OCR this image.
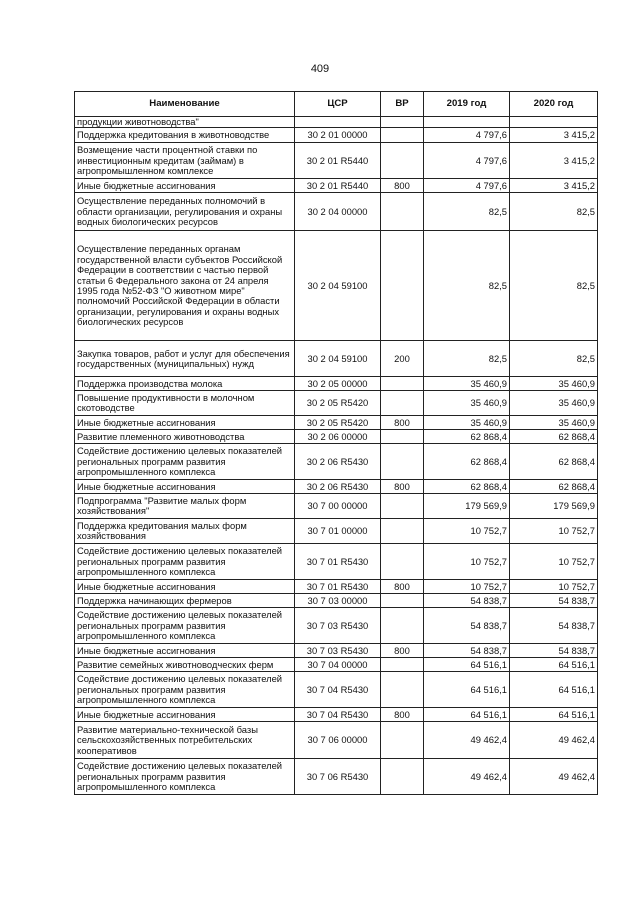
409
Наименование	ЦСР	ВР	2019 год	2020 год
продукции животноводства"				
Поддержка кредитования в животноводстве	30 2 01 00000		4 797,6	3 415,2
Возмещение части процентной ставки по инвестиционным кредитам (займам) в агропромышленном комплексе	30 2 01 R5440		4 797,6	3 415,2
Иные бюджетные ассигнования	30 2 01 R5440	800	4 797,6	3 415,2
Осуществление переданных полномочий в области организации, регулирования и охраны водных биологических ресурсов	30 2 04 00000		82,5	82,5
Осуществление переданных органам государственной власти субъектов Российской Федерации в соответствии с частью первой статьи 6 Федерального закона от 24 апреля 1995 года №52-ФЗ "О животном мире" полномочий Российской Федерации в области организации, регулирования и охраны водных биологических ресурсов	30 2 04 59100		82,5	82,5
Закупка товаров, работ и услуг для обеспечения государственных (муниципальных) нужд	30 2 04 59100	200	82,5	82,5
Поддержка производства молока	30 2 05 00000		35 460,9	35 460,9
Повышение продуктивности в молочном скотоводстве	30 2 05 R5420		35 460,9	35 460,9
Иные бюджетные ассигнования	30 2 05 R5420	800	35 460,9	35 460,9
Развитие племенного животноводства	30 2 06 00000		62 868,4	62 868,4
Содействие достижению целевых показателей региональных программ развития агропромышленного комплекса	30 2 06 R5430		62 868,4	62 868,4
Иные бюджетные ассигнования	30 2 06 R5430	800	62 868,4	62 868,4
Подпрограмма "Развитие малых форм хозяйствования"	30 7 00 00000		179 569,9	179 569,9
Поддержка кредитования малых форм хозяйствования	30 7 01 00000		10 752,7	10 752,7
Содействие достижению целевых показателей региональных программ развития агропромышленного комплекса	30 7 01 R5430		10 752,7	10 752,7
Иные бюджетные ассигнования	30 7 01 R5430	800	10 752,7	10 752,7
Поддержка начинающих фермеров	30 7 03 00000		54 838,7	54 838,7
Содействие достижению целевых показателей региональных программ развития агропромышленного комплекса	30 7 03 R5430		54 838,7	54 838,7
Иные бюджетные ассигнования	30 7 03 R5430	800	54 838,7	54 838,7
Развитие семейных животноводческих ферм	30 7 04 00000		64 516,1	64 516,1
Содействие достижению целевых показателей региональных программ развития агропромышленного комплекса	30 7 04 R5430		64 516,1	64 516,1
Иные бюджетные ассигнования	30 7 04 R5430	800	64 516,1	64 516,1
Развитие материально-технической базы сельскохозяйственных потребительских кооперативов	30 7 06 00000		49 462,4	49 462,4
Содействие достижению целевых показателей региональных программ развития агропромышленного комплекса	30 7 06 R5430		49 462,4	49 462,4
